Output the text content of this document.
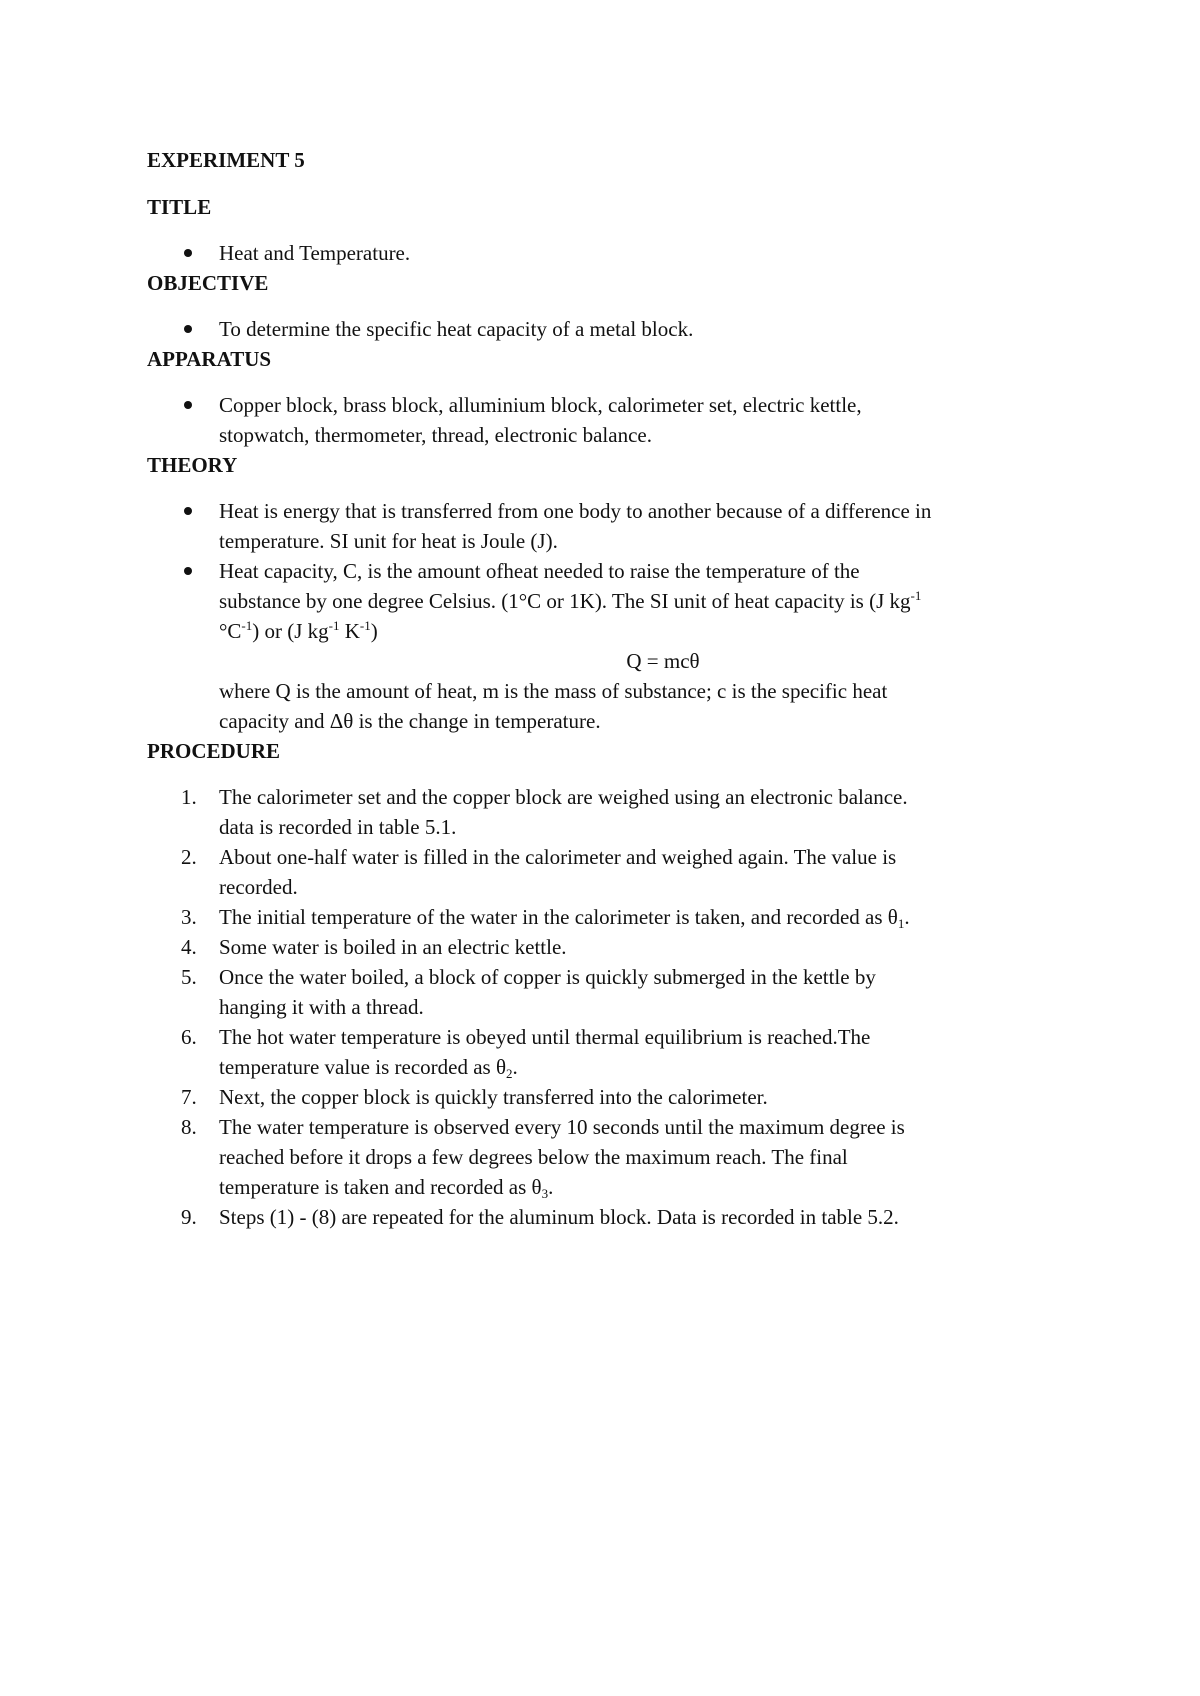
EXPERIMENT 5

TITLE

Heat and Temperature.

OBJECTIVE

To determine the specific heat capacity of a metal block.

APPARATUS

Copper block, brass block, alluminium block, calorimeter set, electric kettle,
stopwatch, thermometer, thread, electronic balance.

THEORY

Heat is energy that is transferred from one body to another because of a difference in
temperature. SI unit for heat is Joule (J).
Heat capacity, C, is the amount ofheat needed to raise the temperature of the
substance by one degree Celsius. (1°C or 1K). The SI unit of heat capacity is (J $kg^{-1}$
$^\circ C^{-1}$) or (J $kg^{-1}$ $K^{-1}$)
Q = mcθ
where Q is the amount of heat, m is the mass of substance; c is the specific heat
capacity and Δθ is the change in temperature.

PROCEDURE

1. The calorimeter set and the copper block are weighed using an electronic balance.
data is recorded in table 5.1.
2. About one-half water is filled in the calorimeter and weighed again. The value is
recorded.
3. The initial temperature of the water in the calorimeter is taken, and recorded as $\theta_1$.
4. Some water is boiled in an electric kettle.
5. Once the water boiled, a block of copper is quickly submerged in the kettle by
hanging it with a thread.
6. The hot water temperature is obeyed until thermal equilibrium is reached.The
temperature value is recorded as $\theta_2$.
7. Next, the copper block is quickly transferred into the calorimeter.
8. The water temperature is observed every 10 seconds until the maximum degree is
reached before it drops a few degrees below the maximum reach. The final
temperature is taken and recorded as $\theta_3$.
9. Steps (1) - (8) are repeated for the aluminum block. Data is recorded in table 5.2.
